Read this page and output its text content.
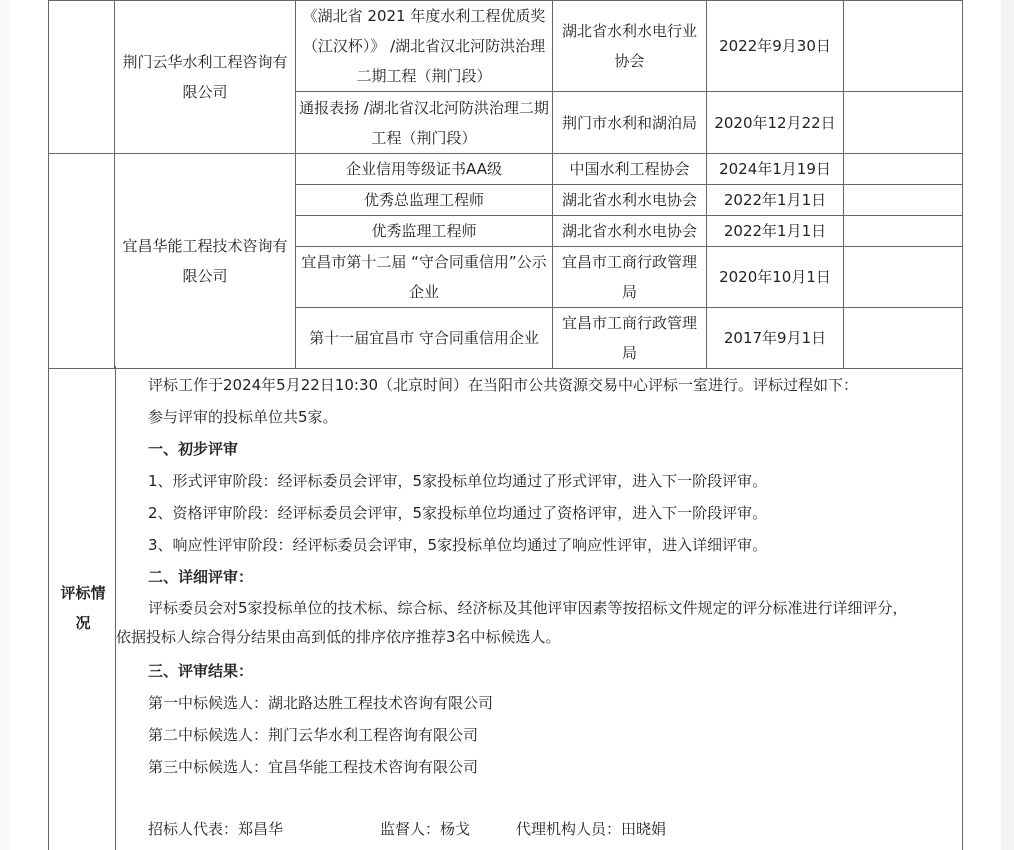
	荆门云华水利工程咨询有限公司	《湖北省 2021 年度水利工程优质奖 （江汉杯）》 /湖北省汉北河防洪治理二期工程（荆门段）	湖北省水利水电行业协会	2022年9月30日	
		通报表扬 /湖北省汉北河防洪治理二期工程（荆门段）	荆门市水利和湖泊局	2020年12月22日	
	宜昌华能工程技术咨询有限公司	企业信用等级证书AA级	中国水利工程协会	2024年1月19日	
		优秀总监理工程师	湖北省水利水电协会	2022年1月1日	
		优秀监理工程师	湖北省水利水电协会	2022年1月1日	
		宜昌市第十二届 “守合同重信用”公示企业	宜昌市工商行政管理局	2020年10月1日	
		第十一届宜昌市 守合同重信用企业	宜昌市工商行政管理局	2017年9月1日	
评标情况
评标工作于2024年5月22日10:30（北京时间）在当阳市公共资源交易中心评标一室进行。评标过程如下：
参与评审的投标单位共5家。
一、初步评审
1、形式评审阶段：经评标委员会评审，5家投标单位均通过了形式评审，进入下一阶段评审。
2、资格评审阶段：经评标委员会评审，5家投标单位均通过了资格评审，进入下一阶段评审。
3、响应性评审阶段：经评标委员会评审，5家投标单位均通过了响应性评审，进入详细评审。
二、详细评审：
评标委员会对5家投标单位的技术标、综合标、经济标及其他评审因素等按招标文件规定的评分标准进行详细评分，
依据投标人综合得分结果由高到低的排序依序推荐3名中标候选人。
三、评审结果：
第一中标候选人：湖北路达胜工程技术咨询有限公司
第二中标候选人：荆门云华水利工程咨询有限公司
第三中标候选人：宜昌华能工程技术咨询有限公司
招标人代表：郑昌华	监督人：杨戈	代理机构人员：田晓娟
